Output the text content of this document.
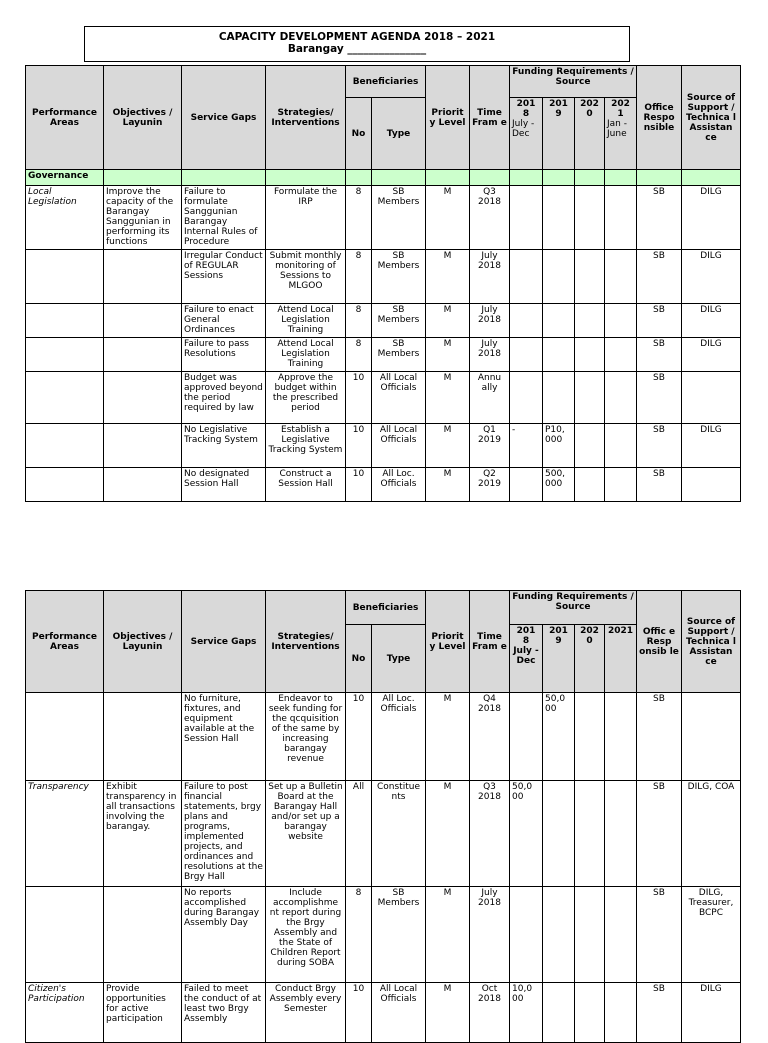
CAPACITY DEVELOPMENT AGENDA 2018 – 2021
Barangay _______________
Performance Areas	Objectives / Layunin	Service Gaps	Strategies/ Interventions	Beneficiaries		Priorit y Level	Time Fram e	Funding Requirements / Source				Office Respo nsible	Source of Support / Technica l Assistan ce
				No	Type			201 8
July - Dec	201 9	202 0	202 1
Jan - June		

Governance													
Local Legislation	Improve the capacity of the Barangay Sanggunian in performing its functions	Failure to formulate Sanggunian Barangay Internal Rules of Procedure	Formulate the IRP	8	SB Members	M	Q3 2018					SB	DILG
		Irregular Conduct of REGULAR Sessions	Submit monthly monitoring of Sessions to MLGOO	8	SB Members	M	July 2018					SB	DILG
		Failure to enact General Ordinances	Attend Local Legislation Training	8	SB Members	M	July 2018					SB	DILG
		Failure to pass Resolutions	Attend Local Legislation Training	8	SB Members	M	July 2018					SB	DILG
		Budget was approved beyond the period required by law	Approve the budget within the prescribed period	10	All Local Officials	M	Annu ally					SB	
		No Legislative Tracking System	Establish a Legislative Tracking System	10	All Local Officials	M	Q1 2019	-	P10, 000			SB	DILG
		No designated Session Hall	Construct a Session Hall	10	All Loc. Officials	M	Q2 2019		500, 000			SB	
Performance Areas	Objectives / Layunin	Service Gaps	Strategies/ Interventions	Beneficiaries		Priorit y Level	Time Fram e	Funding Requirements / Source				Offic e Resp onsib le	Source of Support / Technica l Assistan ce
				No	Type			201 8
July - Dec	201 9	202 0	2021		
		No furniture, fixtures, and equipment available at the Session Hall	Endeavor to seek funding for the qcquisition of the same by increasing barangay revenue	10	All Loc. Officials	M	Q4 2018		50,0 00			SB	
Transparency	Exhibit transparency in all transactions involving the barangay.	Failure to post financial statements, brgy plans and programs, implemented projects, and ordinances and resolutions at the Brgy Hall	Set up a Bulletin Board at the Barangay Hall and/or set up a barangay website	All	Constitue nts	M	Q3 2018	50,0 00				SB	DILG, COA
		No reports accomplished during Barangay Assembly Day	Include accomplishme nt report during the Brgy Assembly and the State of Children Report during SOBA	8	SB Members	M	July 2018					SB	DILG, Treasurer, BCPC
Citizen's Participation	Provide opportunities for active participation	Failed to meet the conduct of at least two Brgy Assembly	Conduct Brgy Assembly every Semester	10	All Local Officials	M	Oct 2018	10,0 00				SB	DILG
